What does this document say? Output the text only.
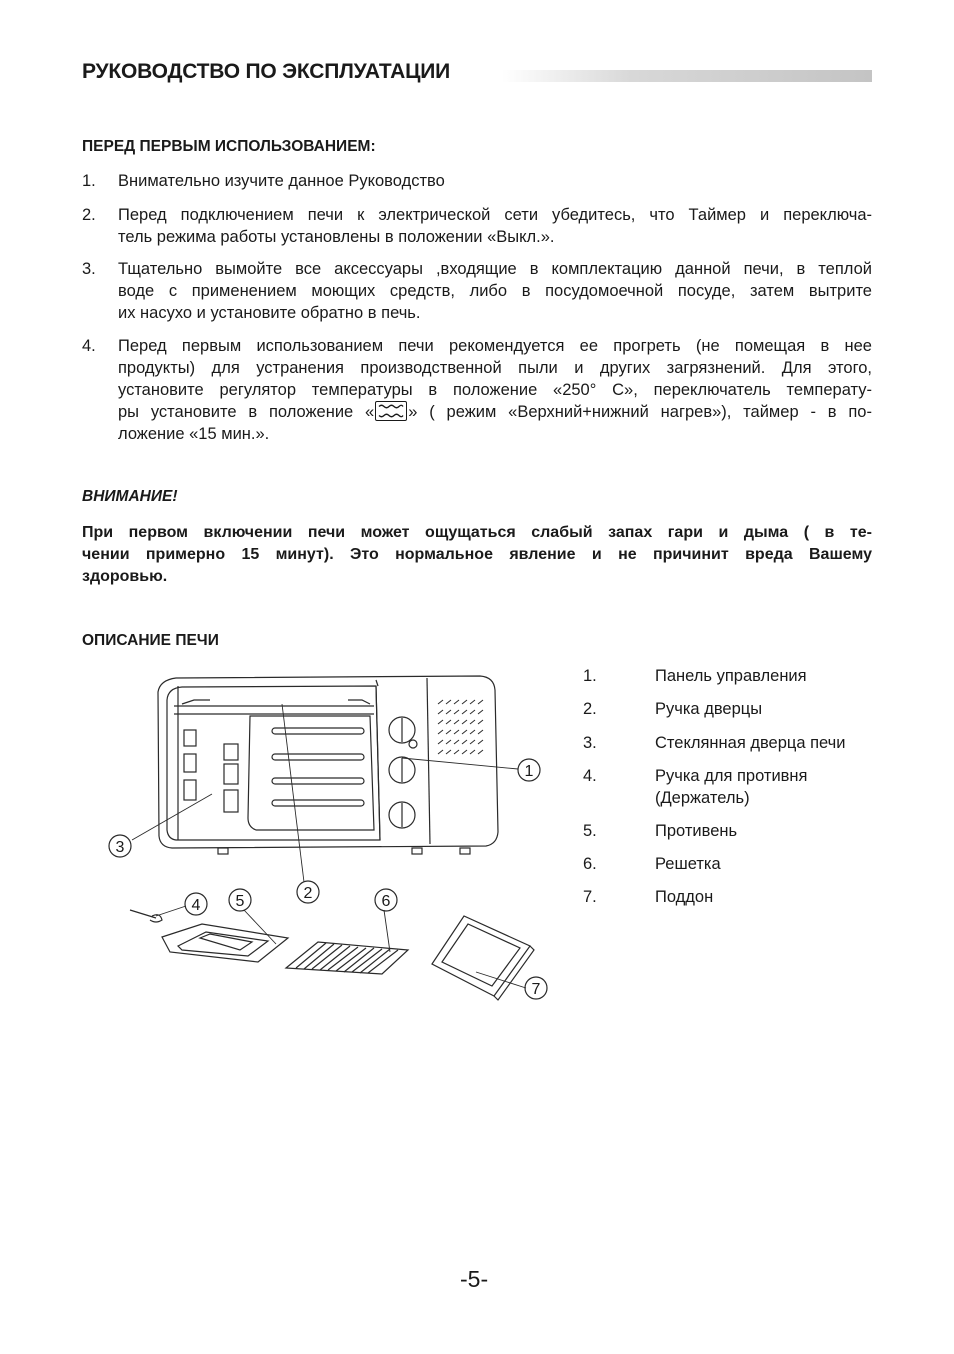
РУКОВОДСТВО ПО ЭКСПЛУАТАЦИИ
ПЕРЕД ПЕРВЫМ ИСПОЛЬЗОВАНИЕМ:
1. Внимательно изучите данное Руководство
2. Перед подключением печи к электрической сети убедитесь, что Таймер и переключа-
тель режима работы установлены в положении «Выкл.».
3. Тщательно вымойте все аксессуары ,входящие в комплектацию данной печи, в теплой
воде с применением моющих средств, либо в посудомоечной посуде, затем вытрите
их насухо и установите обратно в печь.
4. Перед первым использованием печи рекомендуется ее прогреть (не помещая в нее
продукты) для устранения производственной пыли и других загрязнений. Для этого,
установите регулятор температуры в положение «250° С», переключатель температу-
ры установите в положение « » ( режим «Верхний+нижний нагрев»), таймер - в по-
ложение «15 мин.».
ВНИМАНИЕ!
При первом включении печи может ощущаться слабый запах гари и дыма ( в те-
чении примерно 15 минут). Это нормальное явление и не причинит вреда Вашему
здоровью.
ОПИСАНИЕ ПЕЧИ
1
2
3
4 5	6
7
1.	Панель управления
2.	Ручка дверцы
3.	Стеклянная дверца печи
4.	Ручка для противня
(Держатель)
5.	Противень
6.	Решетка
7.	Поддон
-5-
